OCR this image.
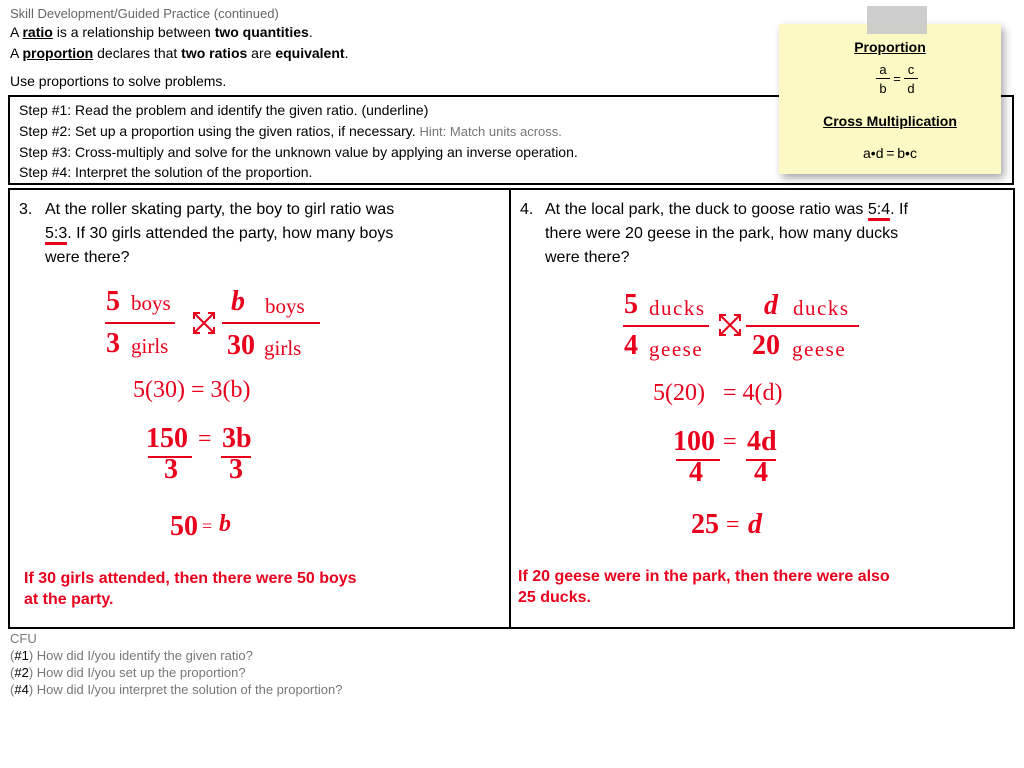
Skill Development/Guided Practice (continued)
A ratio is a relationship between two quantities.
A proportion declares that two ratios are equivalent.
Use proportions to solve problems.
Step #1: Read the problem and identify the given ratio. (underline)
Step #2: Set up a proportion using the given ratios, if necessary. Hint: Match units across.
Step #3: Cross-multiply and solve for the unknown value by applying an inverse operation.
Step #4: Interpret the solution of the proportion.
Proportion
a
b
=
c
d
Cross Multiplication
a•d = b•c
3. At the roller skating party, the boy to girl ratio was
5:3. If 30 girls attended the party, how many boys
were there?
5 boys
3 girls
b boys
30 girls
5(30) = 3(b)
150 = 3b
3 3
50 = b
If 30 girls attended, then there were 50 boys
at the party.
4. At the local park, the duck to goose ratio was 5:4. If
there were 20 geese in the park, how many ducks
were there?
5 ducks
4 geese
d ducks
20 geese
5(20)   = 4(d)
100 = 4d
4 4
25 = d
If 20 geese were in the park, then there were also
25 ducks.
CFU
(#1) How did I/you identify the given ratio?
(#2) How did I/you set up the proportion?
(#4) How did I/you interpret the solution of the proportion?
